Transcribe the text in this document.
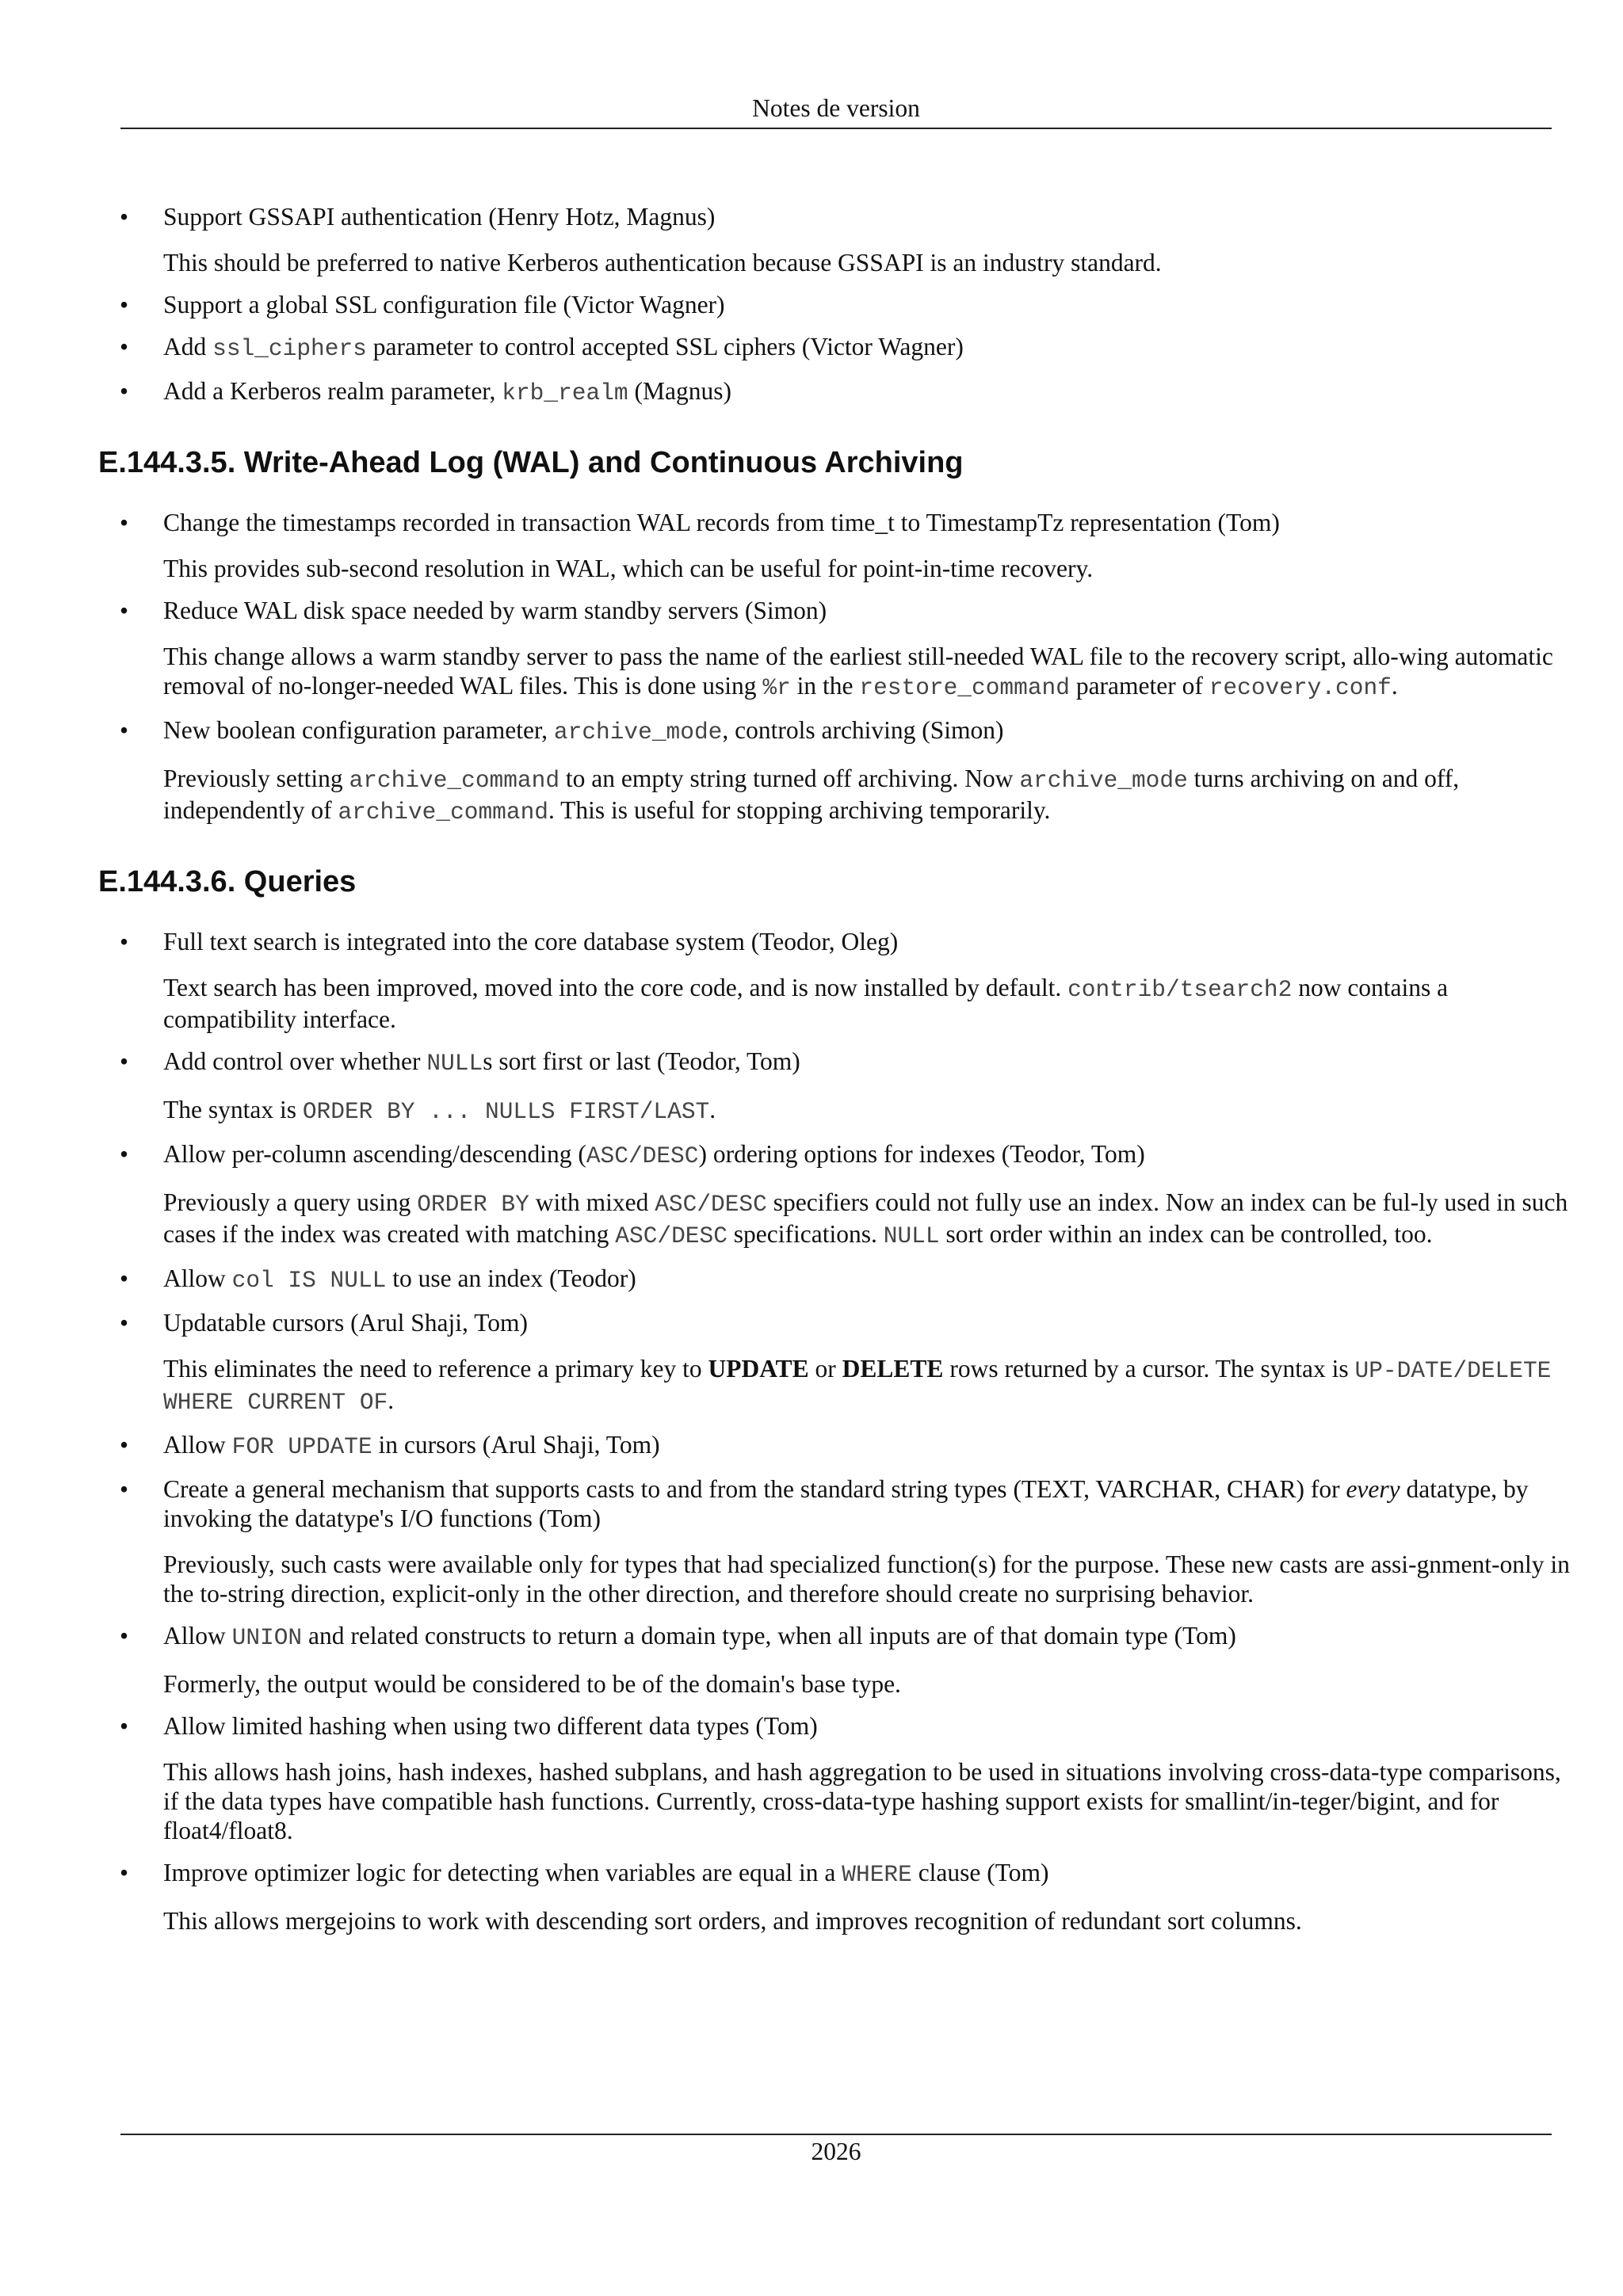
Notes de version

• Support GSSAPI authentication (Henry Hotz, Magnus)

This should be preferred to native Kerberos authentication because GSSAPI is an industry standard.

• Support a global SSL configuration file (Victor Wagner)

• Add ssl_ciphers parameter to control accepted SSL ciphers (Victor Wagner)

• Add a Kerberos realm parameter, krb_realm (Magnus)

E.144.3.5. Write-Ahead Log (WAL) and Continuous Archiving

• Change the timestamps recorded in transaction WAL records from time_t to TimestampTz representation (Tom)

This provides sub-second resolution in WAL, which can be useful for point-in-time recovery.

• Reduce WAL disk space needed by warm standby servers (Simon)

This change allows a warm standby server to pass the name of the earliest still-needed WAL file to the recovery script, allo-wing automatic removal of no-longer-needed WAL files. This is done using %r in the restore_command parameter of recovery.conf.

• New boolean configuration parameter, archive_mode, controls archiving (Simon)

Previously setting archive_command to an empty string turned off archiving. Now archive_mode turns archiving on and off, independently of archive_command. This is useful for stopping archiving temporarily.

E.144.3.6. Queries

• Full text search is integrated into the core database system (Teodor, Oleg)

Text search has been improved, moved into the core code, and is now installed by default. contrib/tsearch2 now contains a compatibility interface.

• Add control over whether NULLs sort first or last (Teodor, Tom)

The syntax is ORDER BY ... NULLS FIRST/LAST.

• Allow per-column ascending/descending (ASC/DESC) ordering options for indexes (Teodor, Tom)

Previously a query using ORDER BY with mixed ASC/DESC specifiers could not fully use an index. Now an index can be ful-ly used in such cases if the index was created with matching ASC/DESC specifications. NULL sort order within an index can be controlled, too.

• Allow col IS NULL to use an index (Teodor)

• Updatable cursors (Arul Shaji, Tom)

This eliminates the need to reference a primary key to UPDATE or DELETE rows returned by a cursor. The syntax is UP-DATE/DELETE WHERE CURRENT OF.

• Allow FOR UPDATE in cursors (Arul Shaji, Tom)

• Create a general mechanism that supports casts to and from the standard string types (TEXT, VARCHAR, CHAR) for every datatype, by invoking the datatype's I/O functions (Tom)

Previously, such casts were available only for types that had specialized function(s) for the purpose. These new casts are assi-gnment-only in the to-string direction, explicit-only in the other direction, and therefore should create no surprising behavior.

• Allow UNION and related constructs to return a domain type, when all inputs are of that domain type (Tom)

Formerly, the output would be considered to be of the domain's base type.

• Allow limited hashing when using two different data types (Tom)

This allows hash joins, hash indexes, hashed subplans, and hash aggregation to be used in situations involving cross-data-type comparisons, if the data types have compatible hash functions. Currently, cross-data-type hashing support exists for smallint/in-teger/bigint, and for float4/float8.

• Improve optimizer logic for detecting when variables are equal in a WHERE clause (Tom)

This allows mergejoins to work with descending sort orders, and improves recognition of redundant sort columns.

2026
